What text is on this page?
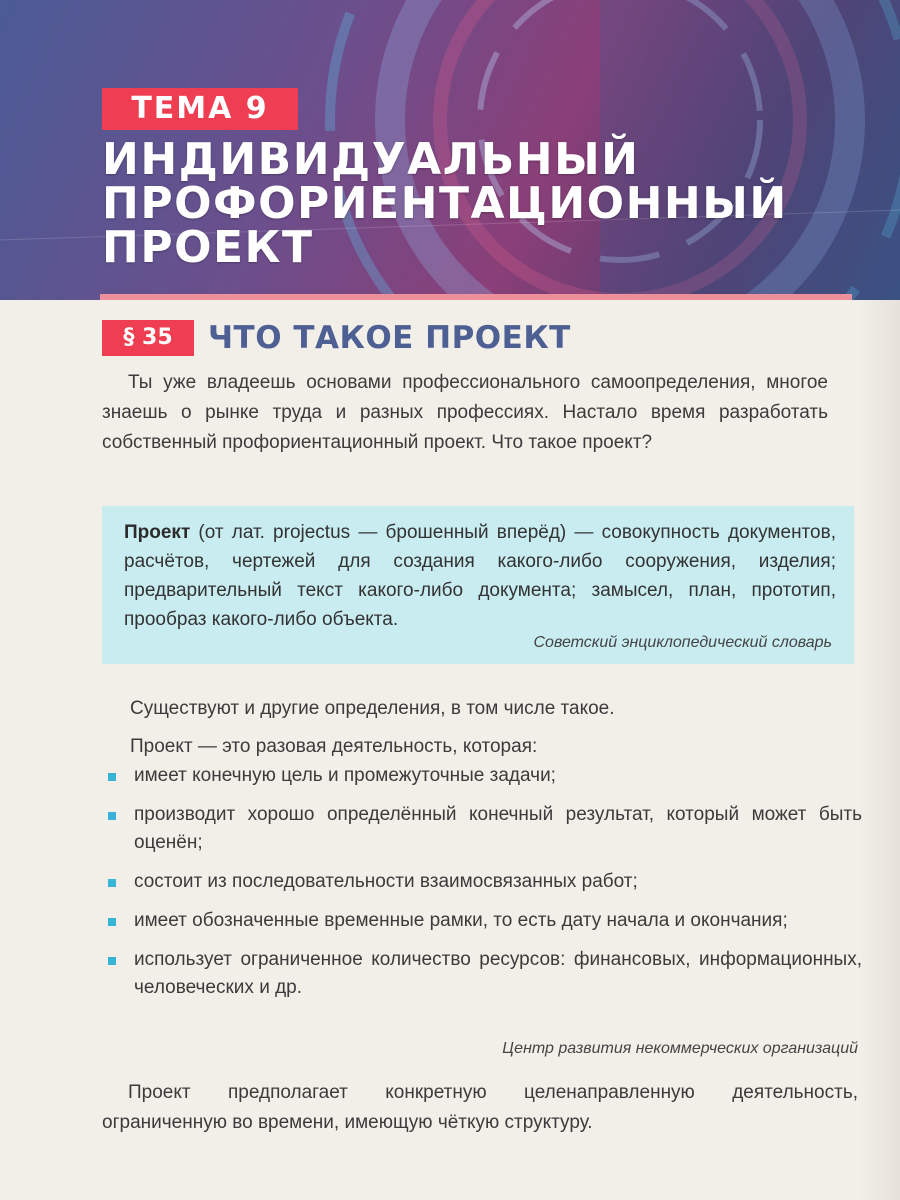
ТЕМА 9
ИНДИВИДУАЛЬНЫЙ
ПРОФОРИЕНТАЦИОННЫЙ
ПРОЕКТ
§ 35	ЧТО ТАКОЕ ПРОЕКТ

Ты уже владеешь основами профессионального самоопределения, многое знаешь о рынке труда и разных профессиях. Настало время разработать собственный профориентационный проект. Что такое проект?

Проект (от лат. projectus — брошенный вперёд) — совокупность документов, расчётов, чертежей для создания какого-либо сооружения, изделия; предварительный текст какого-либо документа; замысел, план, прототип, прообраз какого-либо объекта.

Советский энциклопедический словарь

Существуют и другие определения, в том числе такое.

Проект — это разовая деятельность, которая:

имеет конечную цель и промежуточные задачи;
производит хорошо определённый конечный результат, который может быть оценён;
состоит из последовательности взаимосвязанных работ;
имеет обозначенные временные рамки, то есть дату начала и окончания;
использует ограниченное количество ресурсов: финансовых, информационных, человеческих и др.

Центр развития некоммерческих организаций

Проект предполагает конкретную целенаправленную деятельность, ограниченную во времени, имеющую чёткую структуру.
